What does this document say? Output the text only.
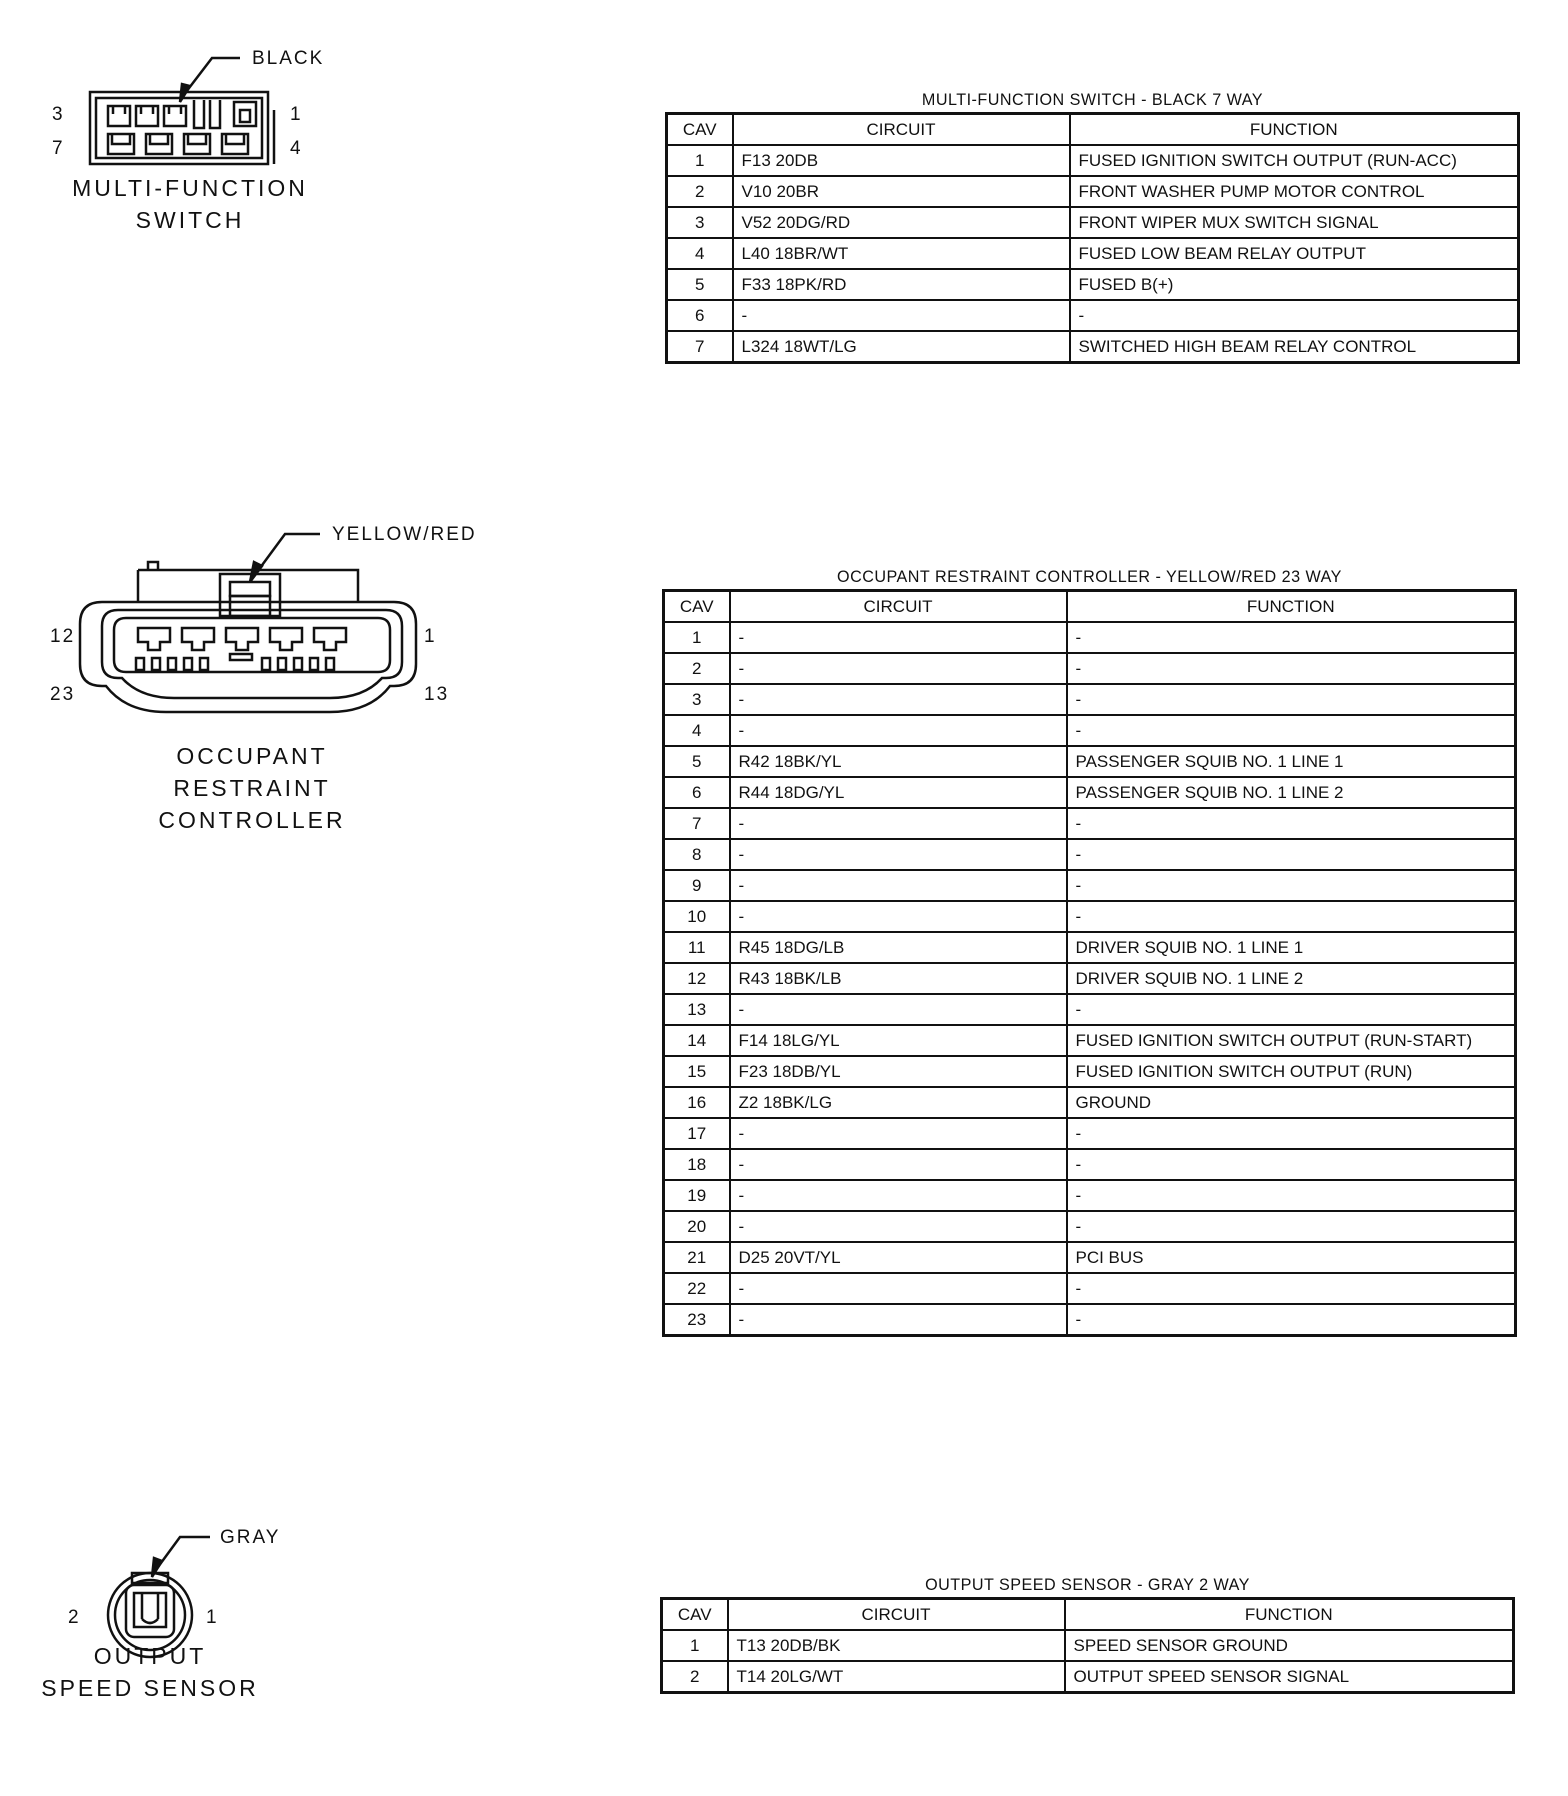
BLACK
3	1
7	4
MULTI-FUNCTION
SWITCH
YELLOW/RED
12	1
23	13
OCCUPANT
RESTRAINT
CONTROLLER
GRAY
2	1
OUTPUT
SPEED SENSOR
MULTI-FUNCTION SWITCH - BLACK 7 WAY
CAV	CIRCUIT	FUNCTION
1	F13 20DB	FUSED IGNITION SWITCH OUTPUT (RUN-ACC)
2	V10 20BR	FRONT WASHER PUMP MOTOR CONTROL
3	V52 20DG/RD	FRONT WIPER MUX SWITCH SIGNAL
4	L40 18BR/WT	FUSED LOW BEAM RELAY OUTPUT
5	F33 18PK/RD	FUSED B(+)
6	-	-
7	L324 18WT/LG	SWITCHED HIGH BEAM RELAY CONTROL
OCCUPANT RESTRAINT CONTROLLER - YELLOW/RED 23 WAY
CAV	CIRCUIT	FUNCTION
1	-	-
2	-	-
3	-	-
4	-	-
5	R42 18BK/YL	PASSENGER SQUIB NO. 1 LINE 1
6	R44 18DG/YL	PASSENGER SQUIB NO. 1 LINE 2
7	-	-
8	-	-
9	-	-
10	-	-
11	R45 18DG/LB	DRIVER SQUIB NO. 1 LINE 1
12	R43 18BK/LB	DRIVER SQUIB NO. 1 LINE 2
13	-	-
14	F14 18LG/YL	FUSED IGNITION SWITCH OUTPUT (RUN-START)
15	F23 18DB/YL	FUSED IGNITION SWITCH OUTPUT (RUN)
16	Z2 18BK/LG	GROUND
17	-	-
18	-	-
19	-	-
20	-	-
21	D25 20VT/YL	PCI BUS
22	-	-
23	-	-
OUTPUT SPEED SENSOR - GRAY 2 WAY
CAV	CIRCUIT	FUNCTION
1	T13 20DB/BK	SPEED SENSOR GROUND
2	T14 20LG/WT	OUTPUT SPEED SENSOR SIGNAL
